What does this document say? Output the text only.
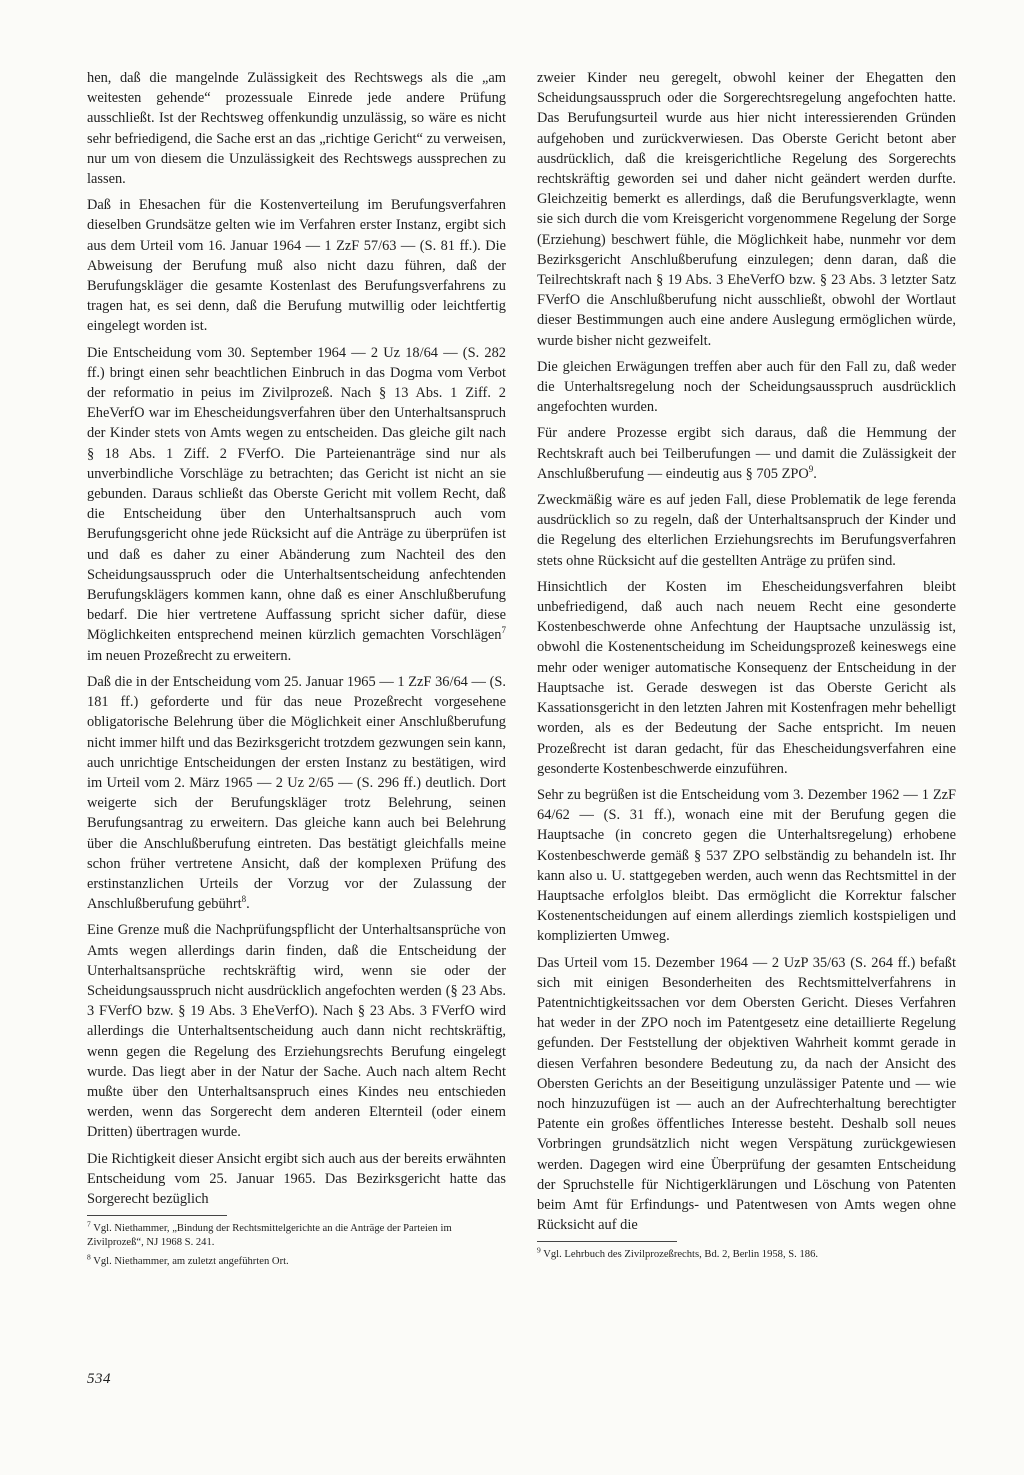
hen, daß die mangelnde Zulässigkeit des Rechtswegs als die „am weitesten gehende“ prozessuale Einrede jede andere Prüfung ausschließt. Ist der Rechtsweg offenkundig unzulässig, so wäre es nicht sehr befriedigend, die Sache erst an das „richtige Gericht“ zu verweisen, nur um von diesem die Unzulässigkeit des Rechtswegs aussprechen zu lassen.

Daß in Ehesachen für die Kostenverteilung im Berufungsverfahren dieselben Grundsätze gelten wie im Verfahren erster Instanz, ergibt sich aus dem Urteil vom 16. Januar 1964 — 1 ZzF 57/63 — (S. 81 ff.). Die Abweisung der Berufung muß also nicht dazu führen, daß der Berufungskläger die gesamte Kostenlast des Berufungsverfahrens zu tragen hat, es sei denn, daß die Berufung mutwillig oder leichtfertig eingelegt worden ist.

Die Entscheidung vom 30. September 1964 — 2 Uz 18/64 — (S. 282 ff.) bringt einen sehr beachtlichen Einbruch in das Dogma vom Verbot der reformatio in peius im Zivilprozeß. Nach § 13 Abs. 1 Ziff. 2 EheVerfO war im Ehescheidungsverfahren über den Unterhaltsanspruch der Kinder stets von Amts wegen zu entscheiden. Das gleiche gilt nach § 18 Abs. 1 Ziff. 2 FVerfO. Die Parteienanträge sind nur als unverbindliche Vorschläge zu betrachten; das Gericht ist nicht an sie gebunden. Daraus schließt das Oberste Gericht mit vollem Recht, daß die Entscheidung über den Unterhaltsanspruch auch vom Berufungsgericht ohne jede Rücksicht auf die Anträge zu überprüfen ist und daß es daher zu einer Abänderung zum Nachteil des den Scheidungsausspruch oder die Unterhaltsentscheidung anfechtenden Berufungsklägers kommen kann, ohne daß es einer Anschlußberufung bedarf. Die hier vertretene Auffassung spricht sicher dafür, diese Möglichkeiten entsprechend meinen kürzlich gemachten Vorschlägen$^7$ im neuen Prozeßrecht zu erweitern.

Daß die in der Entscheidung vom 25. Januar 1965 — 1 ZzF 36/64 — (S. 181 ff.) geforderte und für das neue Prozeßrecht vorgesehene obligatorische Belehrung über die Möglichkeit einer Anschlußberufung nicht immer hilft und das Bezirksgericht trotzdem gezwungen sein kann, auch unrichtige Entscheidungen der ersten Instanz zu bestätigen, wird im Urteil vom 2. März 1965 — 2 Uz 2/65 — (S. 296 ff.) deutlich. Dort weigerte sich der Berufungskläger trotz Belehrung, seinen Berufungsantrag zu erweitern. Das gleiche kann auch bei Belehrung über die Anschlußberufung eintreten. Das bestätigt gleichfalls meine schon früher vertretene Ansicht, daß der komplexen Prüfung des erstinstanzlichen Urteils der Vorzug vor der Zulassung der Anschlußberufung gebührt$^8$.

Eine Grenze muß die Nachprüfungspflicht der Unterhaltsansprüche von Amts wegen allerdings darin finden, daß die Entscheidung der Unterhaltsansprüche rechtskräftig wird, wenn sie oder der Scheidungsausspruch nicht ausdrücklich angefochten werden (§ 23 Abs. 3 FVerfO bzw. § 19 Abs. 3 EheVerfO). Nach § 23 Abs. 3 FVerfO wird allerdings die Unterhaltsentscheidung auch dann nicht rechtskräftig, wenn gegen die Regelung des Erziehungsrechts Berufung eingelegt wurde. Das liegt aber in der Natur der Sache. Auch nach altem Recht mußte über den Unterhaltsanspruch eines Kindes neu entschieden werden, wenn das Sorgerecht dem anderen Elternteil (oder einem Dritten) übertragen wurde.

Die Richtigkeit dieser Ansicht ergibt sich auch aus der bereits erwähnten Entscheidung vom 25. Januar 1965. Das Bezirksgericht hatte das Sorgerecht bezüglich

$^7$ Vgl. Niethammer, „Bindung der Rechtsmittelgerichte an die Anträge der Parteien im Zivilprozeß“, NJ 1968 S. 241.

$^8$ Vgl. Niethammer, am zuletzt angeführten Ort.

zweier Kinder neu geregelt, obwohl keiner der Ehegatten den Scheidungsausspruch oder die Sorgerechtsregelung angefochten hatte. Das Berufungsurteil wurde aus hier nicht interessierenden Gründen aufgehoben und zurückverwiesen. Das Oberste Gericht betont aber ausdrücklich, daß die kreisgerichtliche Regelung des Sorgerechts rechtskräftig geworden sei und daher nicht geändert werden durfte. Gleichzeitig bemerkt es allerdings, daß die Berufungsverklagte, wenn sie sich durch die vom Kreisgericht vorgenommene Regelung der Sorge (Erziehung) beschwert fühle, die Möglichkeit habe, nunmehr vor dem Bezirksgericht Anschlußberufung einzulegen; denn daran, daß die Teilrechtskraft nach § 19 Abs. 3 EheVerfO bzw. § 23 Abs. 3 letzter Satz FVerfO die Anschlußberufung nicht ausschließt, obwohl der Wortlaut dieser Bestimmungen auch eine andere Auslegung ermöglichen würde, wurde bisher nicht gezweifelt.

Die gleichen Erwägungen treffen aber auch für den Fall zu, daß weder die Unterhaltsregelung noch der Scheidungsausspruch ausdrücklich angefochten wurden.

Für andere Prozesse ergibt sich daraus, daß die Hemmung der Rechtskraft auch bei Teilberufungen — und damit die Zulässigkeit der Anschlußberufung — eindeutig aus § 705 ZPO$^9$.

Zweckmäßig wäre es auf jeden Fall, diese Problematik de lege ferenda ausdrücklich so zu regeln, daß der Unterhaltsanspruch der Kinder und die Regelung des elterlichen Erziehungsrechts im Berufungsverfahren stets ohne Rücksicht auf die gestellten Anträge zu prüfen sind.

Hinsichtlich der Kosten im Ehescheidungsverfahren bleibt unbefriedigend, daß auch nach neuem Recht eine gesonderte Kostenbeschwerde ohne Anfechtung der Hauptsache unzulässig ist, obwohl die Kostenentscheidung im Scheidungsprozeß keineswegs eine mehr oder weniger automatische Konsequenz der Entscheidung in der Hauptsache ist. Gerade deswegen ist das Oberste Gericht als Kassationsgericht in den letzten Jahren mit Kostenfragen mehr behelligt worden, als es der Bedeutung der Sache entspricht. Im neuen Prozeßrecht ist daran gedacht, für das Ehescheidungsverfahren eine gesonderte Kostenbeschwerde einzuführen.

Sehr zu begrüßen ist die Entscheidung vom 3. Dezember 1962 — 1 ZzF 64/62 — (S. 31 ff.), wonach eine mit der Berufung gegen die Hauptsache (in concreto gegen die Unterhaltsregelung) erhobene Kostenbeschwerde gemäß § 537 ZPO selbständig zu behandeln ist. Ihr kann also u. U. stattgegeben werden, auch wenn das Rechtsmittel in der Hauptsache erfolglos bleibt. Das ermöglicht die Korrektur falscher Kostenentscheidungen auf einem allerdings ziemlich kostspieligen und komplizierten Umweg.

Das Urteil vom 15. Dezember 1964 — 2 UzP 35/63 (S. 264 ff.) befaßt sich mit einigen Besonderheiten des Rechtsmittelverfahrens in Patentnichtigkeitssachen vor dem Obersten Gericht. Dieses Verfahren hat weder in der ZPO noch im Patentgesetz eine detaillierte Regelung gefunden. Der Feststellung der objektiven Wahrheit kommt gerade in diesen Verfahren besondere Bedeutung zu, da nach der Ansicht des Obersten Gerichts an der Beseitigung unzulässiger Patente und — wie noch hinzuzufügen ist — auch an der Aufrechterhaltung berechtigter Patente ein großes öffentliches Interesse besteht. Deshalb soll neues Vorbringen grundsätzlich nicht wegen Verspätung zurückgewiesen werden. Dagegen wird eine Überprüfung der gesamten Entscheidung der Spruchstelle für Nichtigerklärungen und Löschung von Patenten beim Amt für Erfindungs- und Patentwesen von Amts wegen ohne Rücksicht auf die

$^9$ Vgl. Lehrbuch des Zivilprozeßrechts, Bd. 2, Berlin 1958, S. 186.

534
